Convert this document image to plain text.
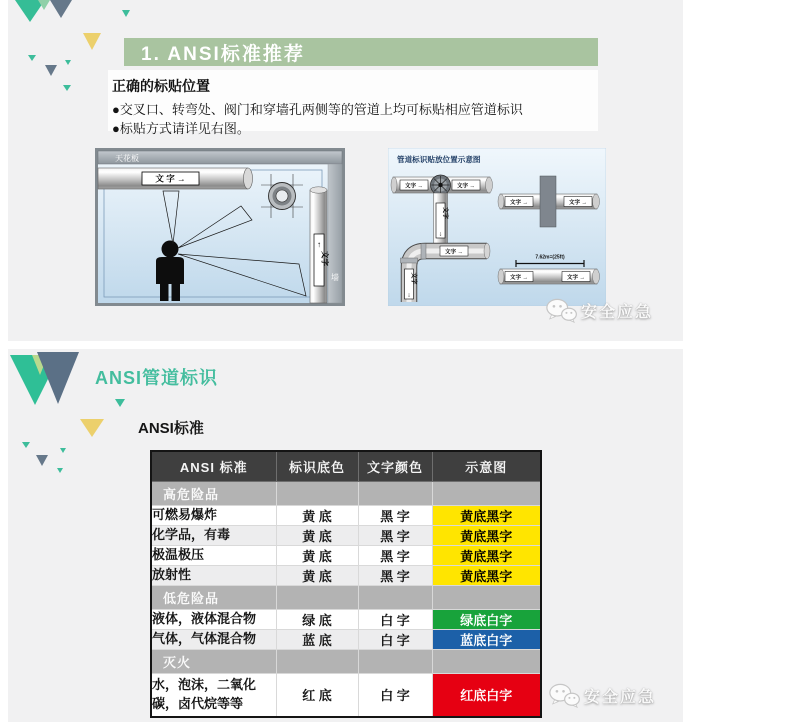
1. ANSI标准推荐
正确的标贴位置
●交叉口、转弯处、阀门和穿墙孔两侧等的管道上均可标贴相应管道标识
●标贴方式请详见右图。
天花板
文 字 →
↑
文字
墙
管道标识贴放位置示意图
文字 →	文字 →
文字
↓
文字 →	文字 →
文字 →
文字
↓
7.62m=(25ft)
文字 →	文字 →
安全应急
ANSI管道标识
ANSI标准
ANSI 标准	标识底色	文字颜色	示意图
高危险品			
可燃易爆炸	黄 底	黑 字	黄底黑字
化学品，有毒	黄 底	黑 字	黄底黑字
极温极压	黄 底	黑 字	黄底黑字
放射性	黄 底	黑 字	黄底黑字
低危险品			
液体，液体混合物	绿 底	白 字	绿底白字
气体，气体混合物	蓝 底	白 字	蓝底白字
灭火			
水，泡沫，二氧化碳，卤代烷等等	红 底	白 字	红底白字	安全应急
